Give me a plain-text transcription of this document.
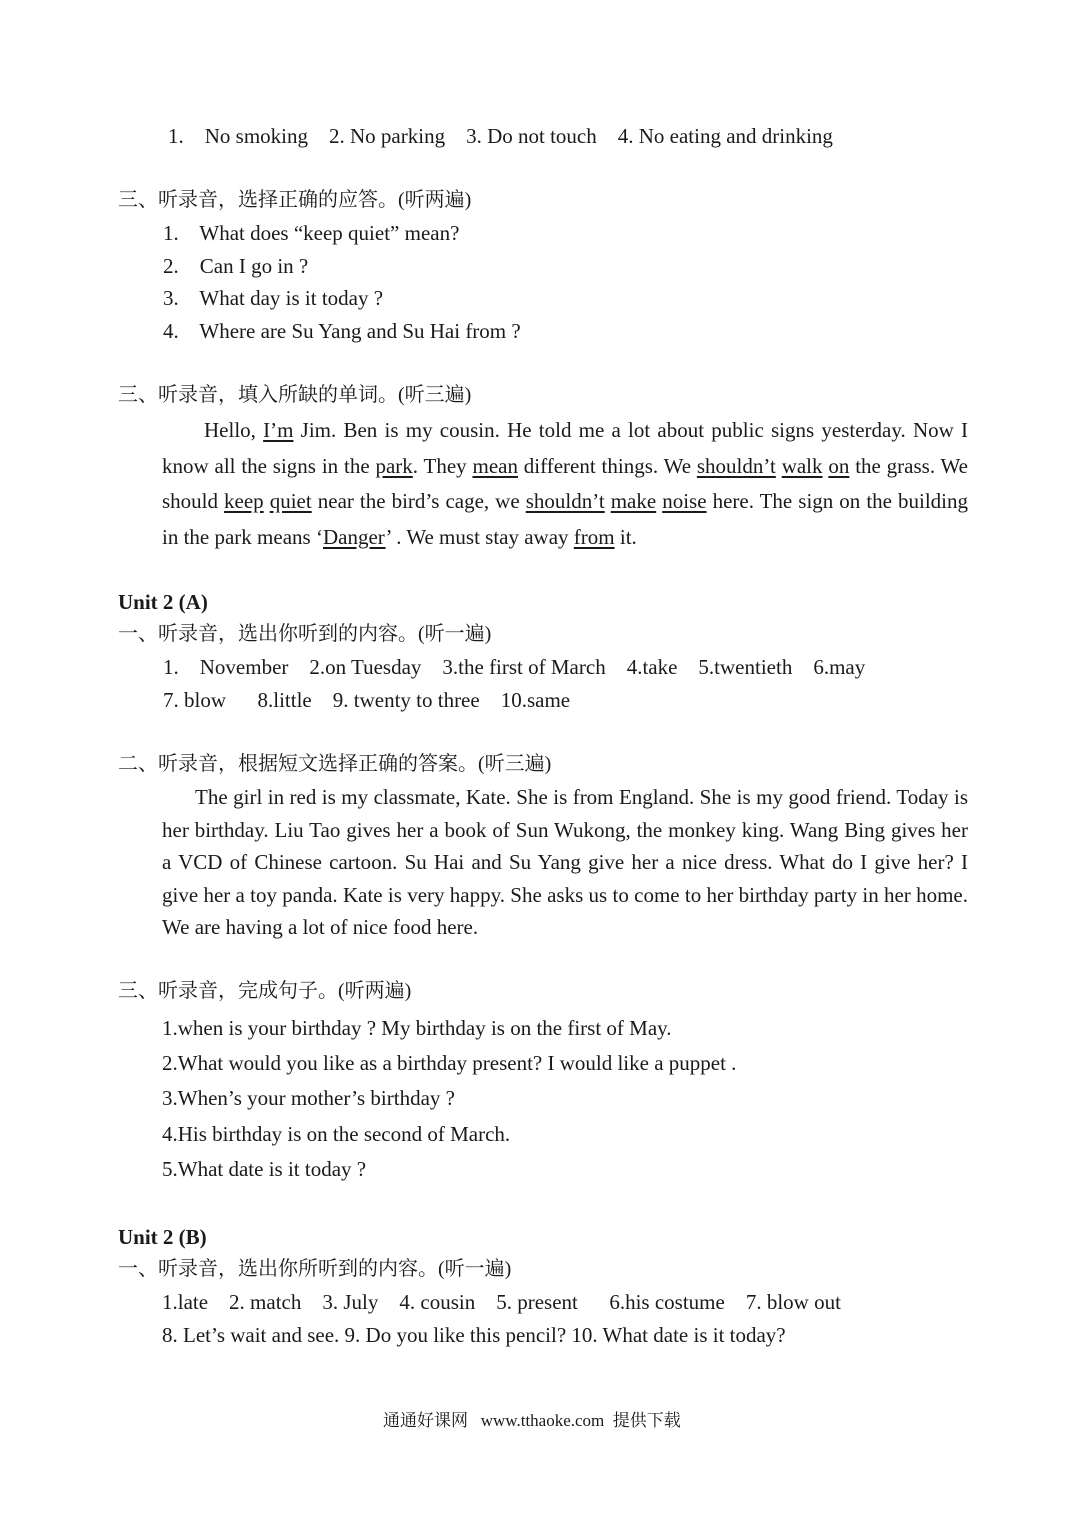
1.    No smoking    2. No parking    3. Do not touch    4. No eating and drinking
三、听录音，选择正确的应答。(听两遍)
1.    What does “keep quiet” mean?
2.    Can I go in ?
3.    What day is it today ?
4.    Where are Su Yang and Su Hai from ?
三、听录音，填入所缺的单词。(听三遍)
Hello, I’m Jim. Ben is my cousin. He told me a lot about public signs yesterday. Now I know all the signs in the park. They mean different things. We shouldn’t walk on the grass. We should keep quiet near the bird’s cage, we shouldn’t make noise here. The sign on the building in the park means ‘Danger’ . We must stay away from it.
Unit 2 (A)
一、听录音，选出你听到的内容。(听一遍)
1.    November    2.on Tuesday    3.the first of March    4.take    5.twentieth    6.may
7. blow      8.little    9. twenty to three    10.same
二、听录音，根据短文选择正确的答案。(听三遍)
The girl in red is my classmate, Kate. She is from England. She is my good friend. Today is her birthday. Liu Tao gives her a book of Sun Wukong, the monkey king. Wang Bing gives her a VCD of Chinese cartoon. Su Hai and Su Yang give her a nice dress. What do I give her? I give her a toy panda. Kate is very happy. She asks us to come to her birthday party in her home. We are having a lot of nice food here.
三、听录音，完成句子。(听两遍)
1.when is your birthday ? My birthday is on the first of May.
2.What would you like as a birthday present? I would like a puppet .
3.When’s your mother’s birthday ?
4.His birthday is on the second of March.
5.What date is it today ?
Unit 2 (B)
一、听录音，选出你所听到的内容。(听一遍)
1.late    2. match    3. July    4. cousin    5. present      6.his costume    7. blow out
8. Let’s wait and see. 9. Do you like this pencil? 10. What date is it today?
通通好课网   www.tthaoke.com  提供下载
